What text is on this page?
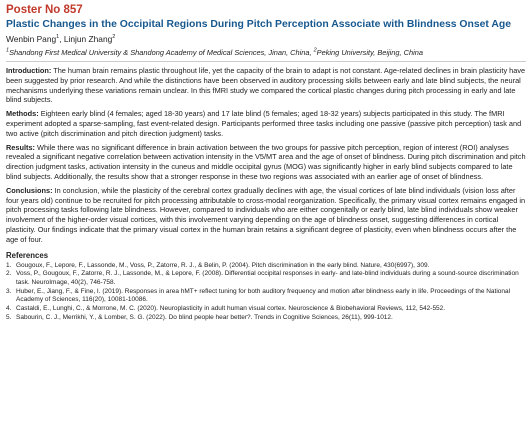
Poster No 857
Plastic Changes in the Occipital Regions During Pitch Perception Associate with Blindness Onset Age
Wenbin Pang$^1$, Linjun Zhang$^2$
$^1$Shandong First Medical University & Shandong Academy of Medical Sciences, Jinan, China, $^2$Peking University, Beijing, China
Introduction: The human brain remains plastic throughout life, yet the capacity of the brain to adapt is not constant. Age-related declines in brain plasticity have been suggested by prior research. And while the distinctions have been observed in auditory processing skills between early and late blind subjects, the neural mechanisms underlying these variations remain unclear. In this fMRI study we compared the cortical plastic changes during pitch processing in early and late blind subjects.
Methods: Eighteen early blind (4 females; aged 18-30 years) and 17 late blind (5 females; aged 18-32 years) subjects participated in this study. The fMRI experiment adopted a sparse-sampling, fast event-related design. Participants performed three tasks including one passive (passive pitch perception) task and two active (pitch discrimination and pitch direction judgment) tasks.
Results: While there was no significant difference in brain activation between the two groups for passive pitch perception, region of interest (ROI) analyses revealed a significant negative correlation between activation intensity in the V5/MT area and the age of onset of blindness. During pitch discrimination and pitch direction judgment tasks, activation intensity in the cuneus and middle occipital gyrus (MOG) was significantly higher in early blind subjects compared to late blind subjects. Additionally, the results show that a stronger response in these two regions was associated with an earlier age of onset of blindness.
Conclusions: In conclusion, while the plasticity of the cerebral cortex gradually declines with age, the visual cortices of late blind individuals (vision loss after four years old) continue to be recruited for pitch processing attributable to cross-modal reorganization. Specifically, the primary visual cortex remains engaged in pitch processing tasks following late blindness. However, compared to individuals who are either congenitally or early blind, late blind individuals show weaker involvement of the higher-order visual cortices, with this involvement varying depending on the age of blindness onset, suggesting differences in cortical plasticity. Our findings indicate that the primary visual cortex in the human brain retains a significant degree of plasticity, even when blindness occurs after the age of four.
References
1. Gougoux, F., Lepore, F., Lassonde, M., Voss, P., Zatorre, R. J., & Belin, P. (2004). Pitch discrimination in the early blind. Nature, 430(6997), 309.
2. Voss, P., Gougoux, F., Zatorre, R. J., Lassonde, M., & Lepore, F. (2008). Differential occipital responses in early- and late-blind individuals during a sound-source discrimination task. NeuroImage, 40(2), 746-758.
3. Huber, E., Jiang, F., & Fine, I. (2019). Responses in area hMT+ reflect tuning for both auditory frequency and motion after blindness early in life. Proceedings of the National Academy of Sciences, 116(20), 10081-10086.
4. Castaldi, E., Lunghi, C., & Morrone, M. C. (2020). Neuroplasticity in adult human visual cortex. Neuroscience & Biobehavioral Reviews, 112, 542-552.
5. Sabourin, C. J., Merrikhi, Y., & Lomber, S. G. (2022). Do blind people hear better?. Trends in Cognitive Sciences, 26(11), 999-1012.
